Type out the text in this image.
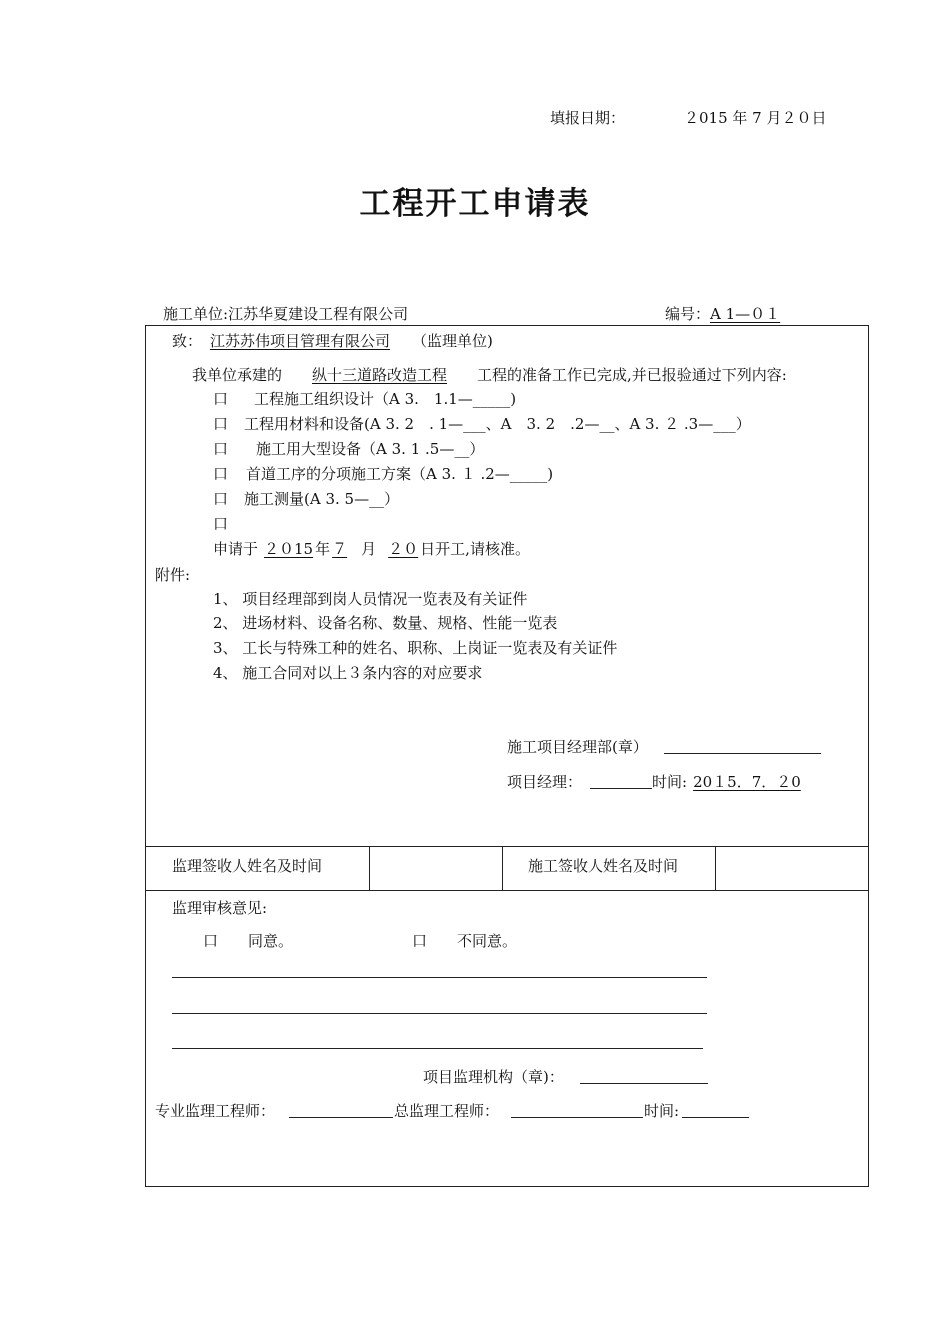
填报日期：	２015 年 7 月２０日
工程开工申请表
施工单位:江苏华夏建设工程有限公司	编号：A 1—０１
致： 江苏苏伟项目管理有限公司 （监理单位)
我单位承建的 纵十三道路改造工程 工程的准备工作已完成,并已报验通过下列内容:
口 工程施工组织设计（A 3.　1.1—_____)
口 工程用材料和设备(A 3. 2　. 1—___、A　3. 2　.2—__、A 3. ２ .3—___）
口 施工用大型设备（A 3. 1 .5—__）
口 首道工序的分项施工方案（A 3. １ .2—_____)
口 施工测量(A 3. 5—__）
口
申请于 ２０15 年 ７ 月 ２０ 日开工,请核准。
附件:
1、 项目经理部到岗人员情况一览表及有关证件
2、 进场材料、设备名称、数量、规格、性能一览表
3、 工长与特殊工种的姓名、职称、上岗证一览表及有关证件
4、 施工合同对以上３条内容的对应要求
施工项目经理部(章）
项目经理：	时间: 20１5．7．２0
监理签收人姓名及时间	施工签收人姓名及时间
监理审核意见:
口 同意。	口 不同意。
项目监理机构（章)：
专业监理工程师：	总监理工程师：	时间:
